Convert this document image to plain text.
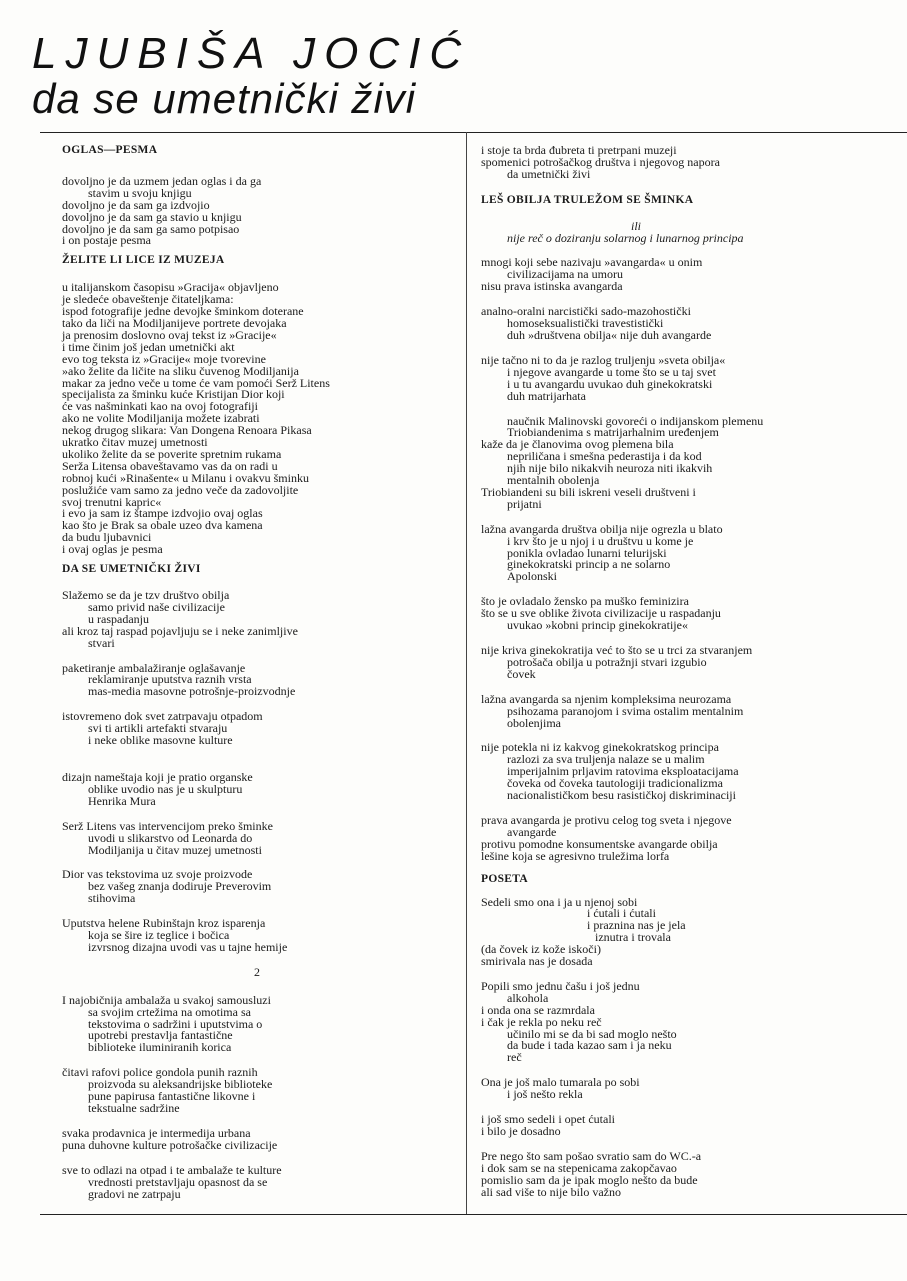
LJUBIŠA JOCIĆ
da se umetnički živi
OGLAS—PESMA
dovoljno je da uzmem jedan oglas i da ga
stavim u svoju knjigu
dovoljno je da sam ga izdvojio
dovoljno je da sam ga stavio u knjigu
dovoljno je da sam ga samo potpisao
i on postaje pesma
ŽELITE LI LICE IZ MUZEJA
u italijanskom časopisu »Gracija« objavljeno
je sledeće obaveštenje čitateljkama:
ispod fotografije jedne devojke šminkom doterane
tako da liči na Modiljanijeve portrete devojaka
ja prenosim doslovno ovaj tekst iz »Gracije«
i time činim još jedan umetnički akt
evo tog teksta iz »Gracije« moje tvorevine
»ako želite da ličite na sliku čuvenog Modiljanija
makar za jedno veče u tome će vam pomoći Serž Litens
specijalista za šminku kuće Kristijan Dior koji
će vas našminkati kao na ovoj fotografiji
ako ne volite Modiljanija možete izabrati
nekog drugog slikara: Van Dongena Renoara Pikasa
ukratko čitav muzej umetnosti
ukoliko želite da se poverite spretnim rukama
Serža Litensa obaveštavamo vas da on radi u
robnoj kući »Rinašente« u Milanu i ovakvu šminku
poslužiće vam samo za jedno veče da zadovoljite
svoj trenutni kapric«
i evo ja sam iz štampe izdvojio ovaj oglas
kao što je Brak sa obale uzeo dva kamena
da budu ljubavnici
i ovaj oglas je pesma
DA SE UMETNIČKI ŽIVI
Slažemo se da je tzv društvo obilja
samo privid naše civilizacije
u raspadanju
ali kroz taj raspad pojavljuju se i neke zanimljive
stvari
paketiranje ambalažiranje oglašavanje
reklamiranje uputstva raznih vrsta
mas-media masovne potrošnje-proizvodnje
istovremeno dok svet zatrpavaju otpadom
svi ti artikli artefakti stvaraju
i neke oblike masovne kulture
dizajn nameštaja koji je pratio organske
oblike uvodio nas je u skulpturu
Henrika Mura
Serž Litens vas intervencijom preko šminke
uvodi u slikarstvo od Leonarda do
Modiljanija u čitav muzej umetnosti
Dior vas tekstovima uz svoje proizvode
bez vašeg znanja dodiruje Preverovim
stihovima
Uputstva helene Rubinštajn kroz isparenja
koja se šire iz teglice i bočica
izvrsnog dizajna uvodi vas u tajne hemije
2
I najobičnija ambalaža u svakoj samousluzi
sa svojim crtežima na omotima sa
tekstovima o sadržini i uputstvima o
upotrebi prestavlja fantastične
biblioteke iluminiranih korica
čitavi rafovi police gondola punih raznih
proizvoda su aleksandrijske biblioteke
pune papirusa fantastične likovne i
tekstualne sadržine
svaka prodavnica je intermedija urbana
puna duhovne kulture potrošačke civilizacije
sve to odlazi na otpad i te ambalaže te kulture
vrednosti pretstavljaju opasnost da se
gradovi ne zatrpaju
i stoje ta brda đubreta ti pretrpani muzeji
spomenici potrošačkog društva i njegovog napora
da umetnički živi
LEŠ OBILJA TRULEŽOM SE ŠMINKA
ili
nije reč o doziranju solarnog i lunarnog principa
mnogi koji sebe nazivaju »avangarda« u onim
civilizacijama na umoru
nisu prava istinska avangarda
analno-oralni narcistički sado-mazohostički
homoseksualistički travestistički
duh »društvena obilja« nije duh avangarde
nije tačno ni to da je razlog truljenju »sveta obilja«
i njegove avangarde u tome što se u taj svet
i u tu avangardu uvukao duh ginekokratski
duh matrijarhata
naučnik Malinovski govoreći o indijanskom plemenu
Triobiandenima s matrijarhalnim uređenjem
kaže da je članovima ovog plemena bila
nepriličana i smešna pederastija i da kod
njih nije bilo nikakvih neuroza niti ikakvih
mentalnih obolenja
Triobiandeni su bili iskreni veseli društveni i
prijatni
lažna avangarda društva obilja nije ogrezla u blato
i krv što je u njoj i u društvu u kome je
ponikla ovladao lunarni telurijski
ginekokratski princip a ne solarno
Apolonski
što je ovladalo žensko pa muško feminizira
što se u sve oblike života civilizacije u raspadanju
uvukao »kobni princip ginekokratije«
nije kriva ginekokratija već to što se u trci za stvaranjem
potrošača obilja u potražnji stvari izgubio
čovek
lažna avangarda sa njenim kompleksima neurozama
psihozama paranojom i svima ostalim mentalnim
obolenjima
nije potekla ni iz kakvog ginekokratskog principa
razlozi za sva truljenja nalaze se u malim
imperijalnim prljavim ratovima eksploatacijama
čoveka od čoveka tautologiji tradicionalizma
nacionalističkom besu rasističkoj diskriminaciji
prava avangarda je protivu celog tog sveta i njegove
avangarde
protivu pomodne konsumentske avangarde obilja
lešine koja se agresivno truležima lorfa
POSETA
Sedeli smo ona i ja u njenoj sobi
i ćutali i ćutali
i praznina nas je jela
iznutra i trovala
(da čovek iz kože iskoči)
smirivala nas je dosada
Popili smo jednu čašu i još jednu
alkohola
i onda ona se razmrdala
i čak je rekla po neku reč
učinilo mi se da bi sad moglo nešto
da bude i tada kazao sam i ja neku
reč
Ona je još malo tumarala po sobi
i još nešto rekla
i još smo sedeli i opet ćutali
i bilo je dosadno
Pre nego što sam pošao svratio sam do WC.-a
i dok sam se na stepenicama zakopčavao
pomislio sam da je ipak moglo nešto da bude
ali sad više to nije bilo važno
